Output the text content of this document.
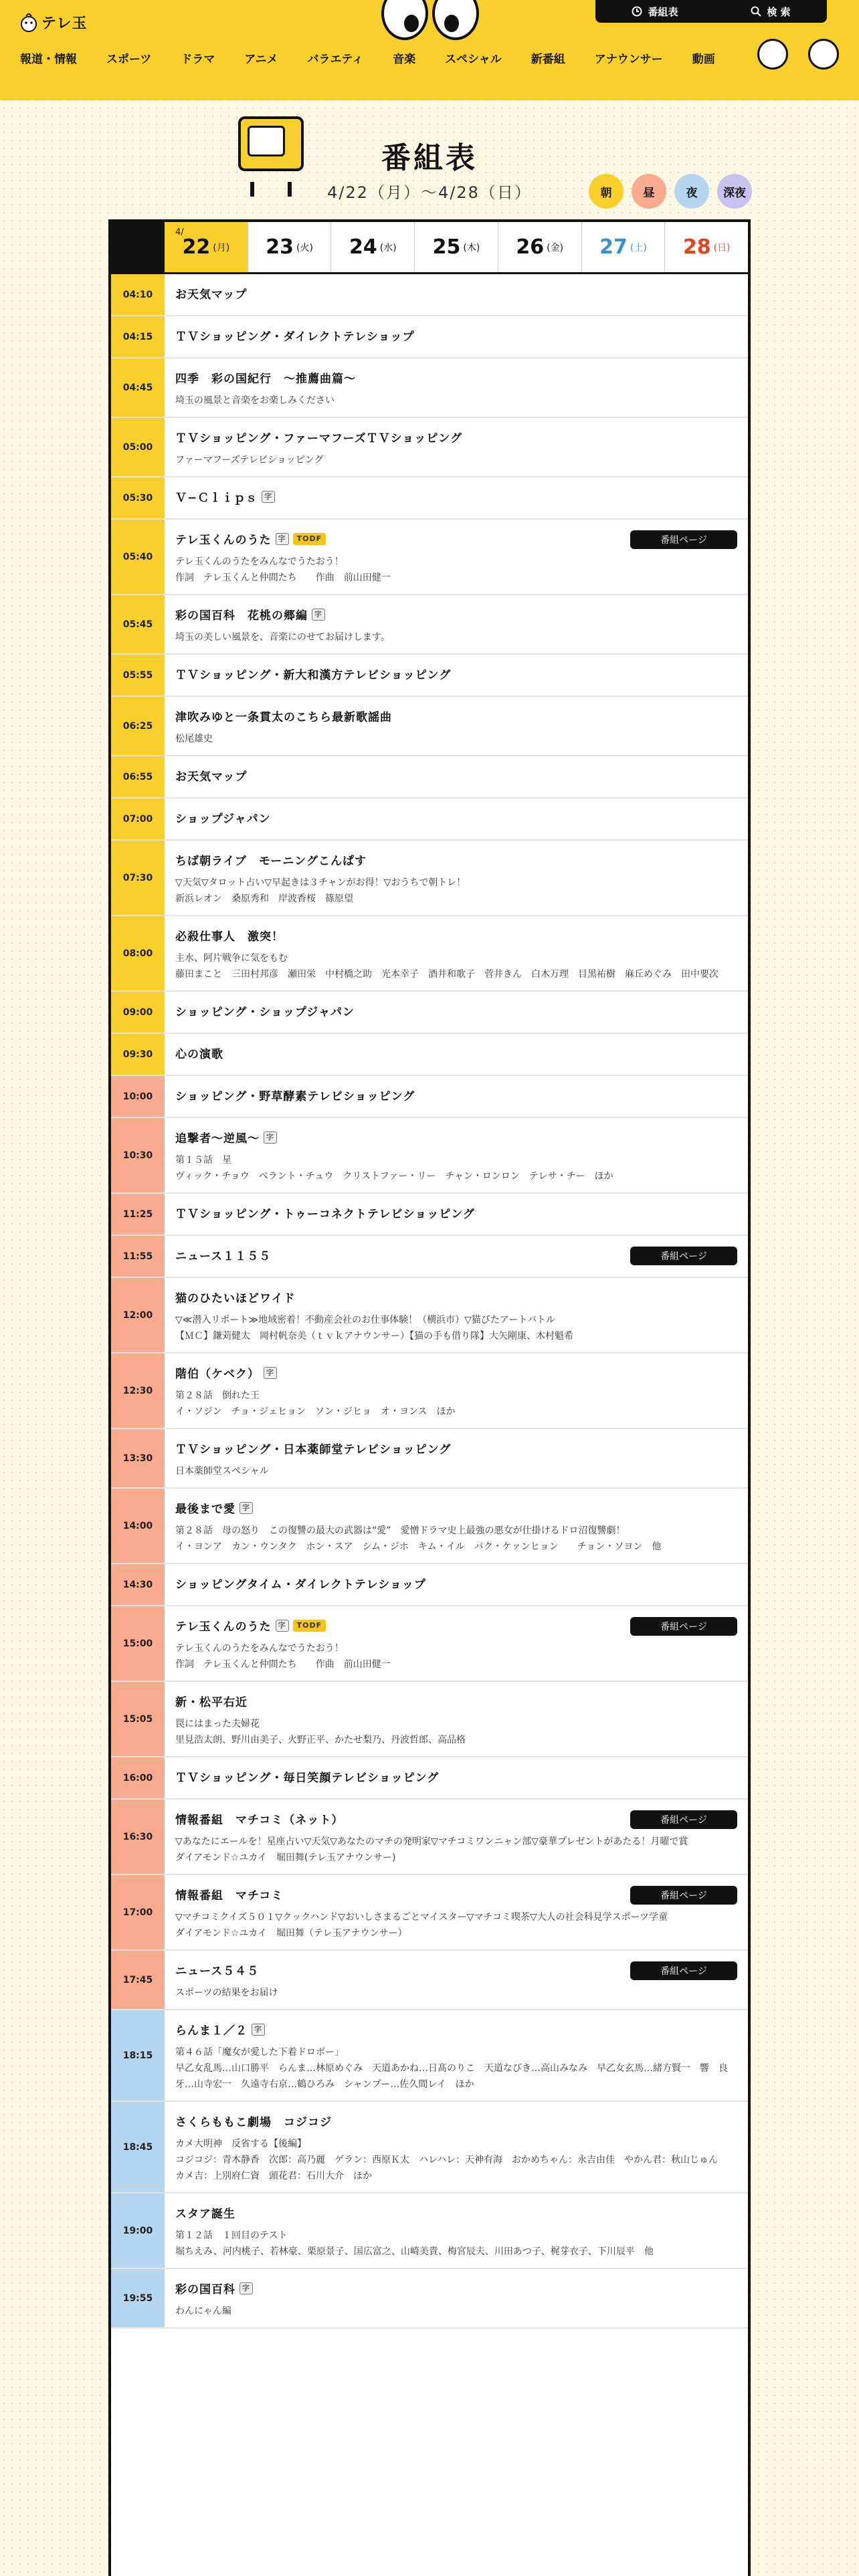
テレ玉
番組表	検 索
報道・情報	スポーツ	ドラマ	アニメ	バラエティ	音楽	スペシャル	新番組	アナウンサー	動画
番組表
4/22（月）〜4/28（日）	朝	昼	夜	深夜
4/
22 (月) 23 (火) 24 (水) 25 (木) 26 (金) 27 (土) 28 (日)
04:10	お天気マップ
04:15	ＴＶショッピング・ダイレクトテレショップ
04:45
四季　彩の国紀行　〜推薦曲篇〜
埼玉の風景と音楽をお楽しみください
05:00
ＴＶショッピング・ファーマフーズＴＶショッピング
ファーマフーズテレビショッピング
05:30	Ｖ−Ｃｌｉｐｓ 字
05:40
テレ玉くんのうた 字	TODF
テレ玉くんのうたをみんなでうたおう！
作詞　テレ玉くんと仲間たち　　作曲　前山田健一
番組ページ
05:45
彩の国百科　花桃の郷編 字
埼玉の美しい風景を、音楽にのせてお届けします。
05:55	ＴＶショッピング・新大和漢方テレビショッピング
06:25
津吹みゆと一条貫太のこちら最新歌謡曲
松尾雄史
06:55	お天気マップ
07:00	ショップジャパン
07:30
ちば朝ライブ　モーニングこんぱす
▽天気▽タロット占い▽早起きは３チャンがお得！▽おうちで朝トレ！
新浜レオン　桑原秀和　岸波香桜　篠原望
08:00
必殺仕事人　激突！
主水、阿片戦争に気をもむ
藤田まこと　三田村邦彦　瀬田栄　中村橋之助　光本幸子　酒井和歌子　菅井きん　白木万理　目黒祐樹　麻丘めぐみ　田中要次
09:00	ショッピング・ショップジャパン
09:30	心の演歌
10:00	ショッピング・野草酵素テレビショッピング
10:30
追撃者〜逆風〜 字
第１５話　星
ヴィック・チョウ　ベラント・チュウ　クリストファー・リー　チャン・ロンロン　テレサ・チー　ほか
11:25	ＴＶショッピング・トゥーコネクトテレビショッピング
11:55	ニュース１１５５	番組ページ
12:00
猫のひたいほどワイド
▽≪潜入リポート≫地域密着！不動産会社のお仕事体験！（横浜市）▽猫びたアートバトル
【ＭＣ】鎌苅健太　岡村帆奈美（ｔｖｋアナウンサー）【猫の手も借り隊】大矢剛康、木村魁希
12:30
階伯（ケベク） 字
第２８話　倒れた王
イ・ソジン　チョ・ジェヒョン　ソン・ジヒョ　オ・ヨンス　ほか
13:30
ＴＶショッピング・日本薬師堂テレビショッピング
日本薬師堂スペシャル
14:00
最後まで愛 字
第２８話　母の怒り　この復讐の最大の武器は“愛”　愛憎ドラマ史上最強の悪女が仕掛けるドロ沼復讐劇！
イ・ヨンア　カン・ウンタク　ホン・スア　シム・ジホ　キム・イル　パク・ケァンヒョン　　チョン・ソヨン　他
14:30	ショッピングタイム・ダイレクトテレショップ
15:00
テレ玉くんのうた 字	TODF
テレ玉くんのうたをみんなでうたおう！
作詞　テレ玉くんと仲間たち　　作曲　前山田健一
番組ページ
15:05
新・松平右近
罠にはまった夫婦花
里見浩太朗、野川由美子、火野正平、かたせ梨乃、丹波哲郎、高品格
16:00	ＴＶショッピング・毎日笑顔テレビショッピング
16:30
情報番組　マチコミ（ネット）
▽あなたにエールを！星座占い▽天気▽あなたのマチの発明家▽マチコミワンニャン部▽豪華プレゼントがあたる！月曜で賞
ダイアモンド☆ユカイ　堀田舞(テレ玉アナウンサー)
番組ページ
17:00
情報番組　マチコミ
▽マチコミクイズ５０１▽クックハンド▽おいしさまるごとマイスター▽マチコミ喫茶▽大人の社会科見学スポーツ学童
ダイアモンド☆ユカイ　堀田舞（テレ玉アナウンサー）
番組ページ
17:45
ニュース５４５
スポーツの結果をお届け
番組ページ
18:15
らんま１／２ 字
第４６話「魔女が愛した下着ドロボー」
早乙女乱馬…山口勝平　らんま…林原めぐみ　天道あかね…日髙のりこ　天道なびき…高山みなみ　早乙女玄馬…緒方賢一　響　良牙…山寺宏一　久遠寺右京…鶴ひろみ　シャンプー…佐久間レイ　ほか
18:45
さくらももこ劇場　コジコジ
カメ大明神　反省する【後編】
コジコジ：青木静香　次郎：高乃麗　ゲラン：西原Ｋ太　ハレハレ：天神有海　おかめちゃん：永吉由佳　やかん君：秋山じゅん　カメ吉：上別府仁資　頭花君：石川大介　ほか
19:00
スタア誕生
第１２話　１回目のテスト
堀ちえみ、河内桃子、若林豪、栗原景子、国広富之、山崎美貴、梅宮辰夫、川田あつ子、梶芽衣子、下川辰平　他
19:55
彩の国百科 字
わんにゃん編
